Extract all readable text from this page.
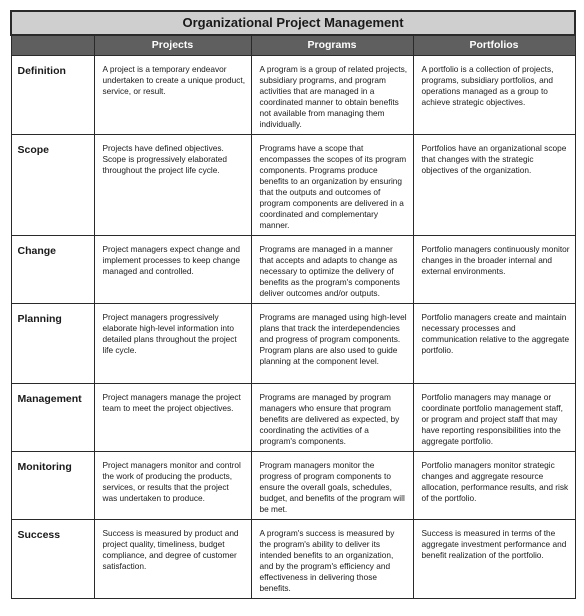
Organizational Project Management			
	Projects	Programs	Portfolios
Definition	A project is a temporary endeavor undertaken to create a unique product, service, or result.	A program is a group of related projects, subsidiary programs, and program activities that are managed in a coordinated manner to obtain benefits not available from managing them individually.	A portfolio is a collection of projects, programs, subsidiary portfolios, and operations managed as a group to achieve strategic objectives.
Scope	Projects have defined objectives. Scope is progressively elaborated throughout the project life cycle.	Programs have a scope that encompasses the scopes of its program components. Programs produce benefits to an organization by ensuring that the outputs and outcomes of program components are delivered in a coordinated and complementary manner.	Portfolios have an organizational scope that changes with the strategic objectives of the organization.
Change	Project managers expect change and implement processes to keep change managed and controlled.	Programs are managed in a manner that accepts and adapts to change as necessary to optimize the delivery of benefits as the program's components deliver outcomes and/or outputs.	Portfolio managers continuously monitor changes in the broader internal and external environments.
Planning	Project managers progressively elaborate high-level information into detailed plans throughout the project life cycle.	Programs are managed using high-level plans that track the interdependencies and progress of program components. Program plans are also used to guide planning at the component level.	Portfolio managers create and maintain necessary processes and communication relative to the aggregate portfolio.
Management	Project managers manage the project team to meet the project objectives.	Programs are managed by program managers who ensure that program benefits are delivered as expected, by coordinating the activities of a program's components.	Portfolio managers may manage or coordinate portfolio management staff, or program and project staff that may have reporting responsibilities into the aggregate portfolio.
Monitoring	Project managers monitor and control the work of producing the products, services, or results that the project was undertaken to produce.	Program managers monitor the progress of program components to ensure the overall goals, schedules, budget, and benefits of the program will be met.	Portfolio managers monitor strategic changes and aggregate resource allocation, performance results, and risk of the portfolio.
Success	Success is measured by product and project quality, timeliness, budget compliance, and degree of customer satisfaction.	A program's success is measured by the program's ability to deliver its intended benefits to an organization, and by the program's efficiency and effectiveness in delivering those benefits.	Success is measured in terms of the aggregate investment performance and benefit realization of the portfolio.
